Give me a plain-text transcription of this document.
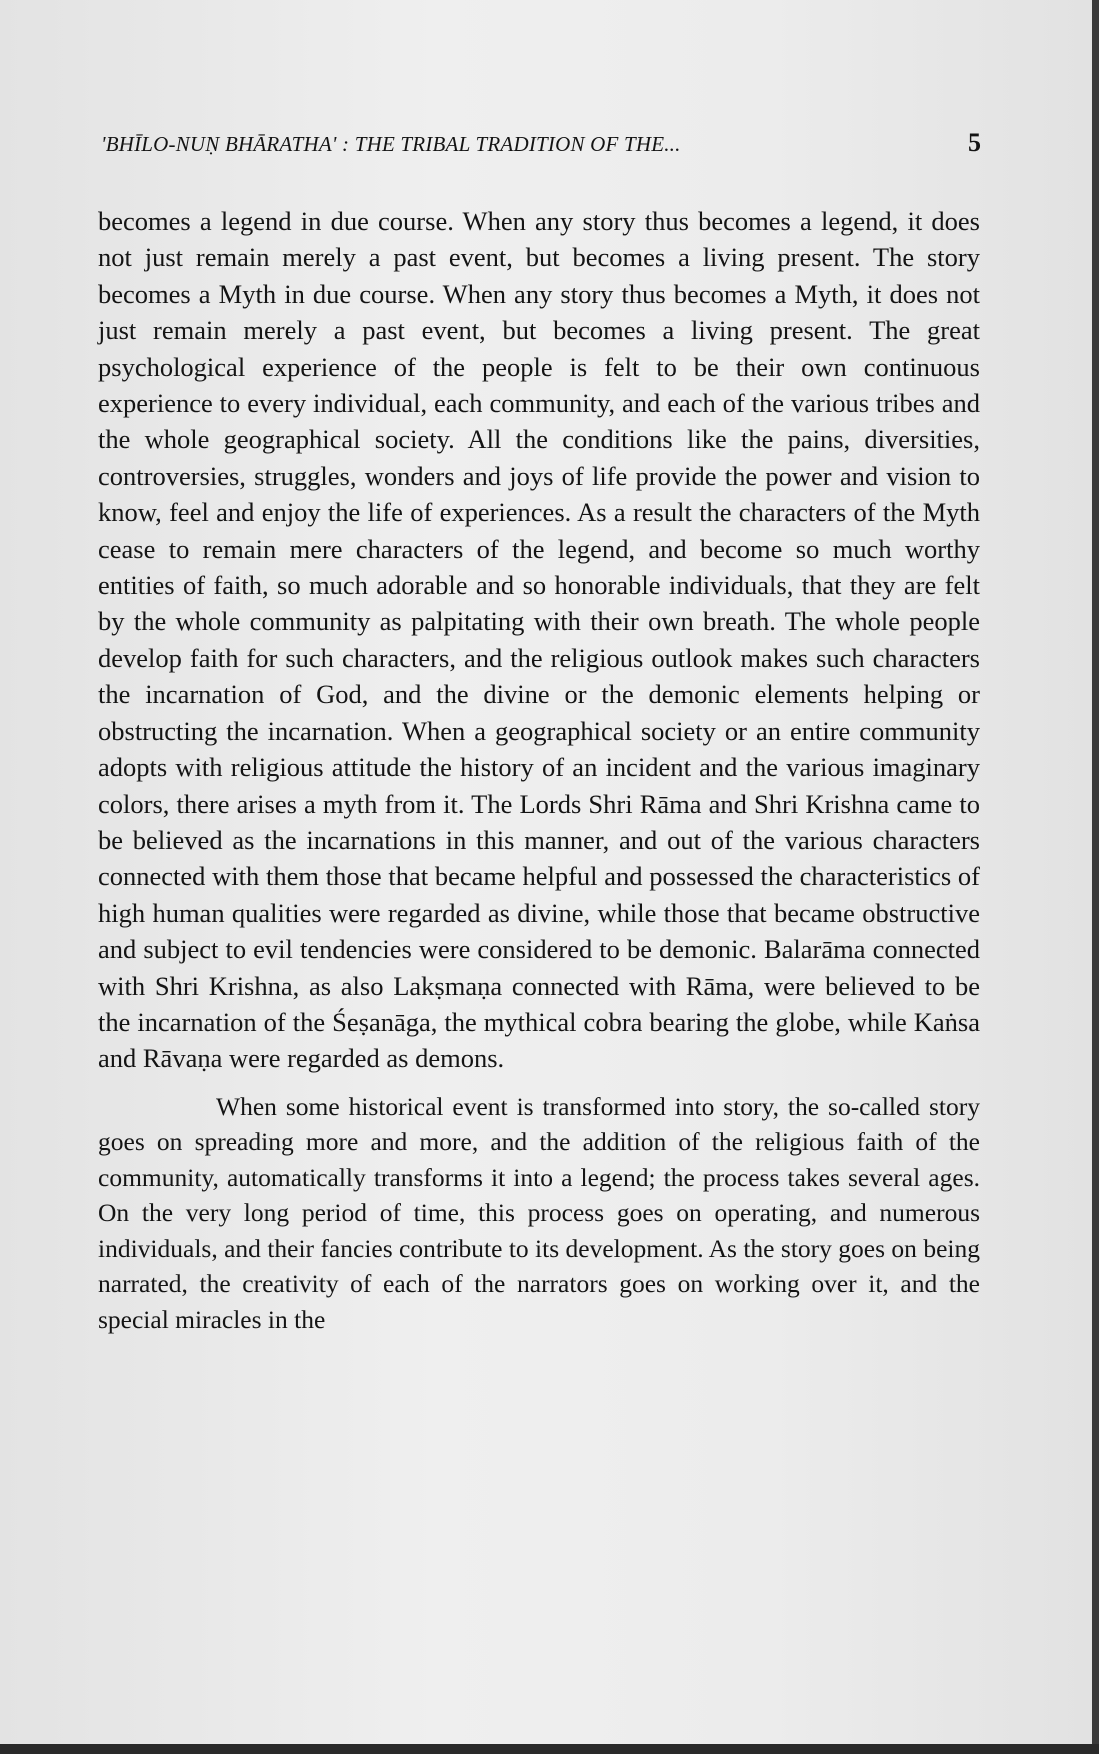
'BHĪLO-NUṆ BHĀRATHA' : THE TRIBAL TRADITION OF THE...	5

becomes a legend in due course. When any story thus becomes a legend, it does not just remain merely a past event, but becomes a living present. The story becomes a Myth in due course. When any story thus becomes a Myth, it does not just remain merely a past event, but becomes a living present. The great psychological experience of the people is felt to be their own continuous experience to every individual, each community, and each of the various tribes and the whole geographical society. All the conditions like the pains, diversities, controversies, struggles, wonders and joys of life provide the power and vision to know, feel and enjoy the life of experiences. As a result the characters of the Myth cease to remain mere characters of the legend, and become so much worthy entities of faith, so much adorable and so honorable individuals, that they are felt by the whole community as palpitating with their own breath. The whole people develop faith for such characters, and the religious outlook makes such characters the incarnation of God, and the divine or the demonic elements helping or obstructing the incarnation. When a geographical society or an entire community adopts with religious attitude the history of an incident and the various imaginary colors, there arises a myth from it. The Lords Shri Rāma and Shri Krishna came to be believed as the incarnations in this manner, and out of the various characters connected with them those that became helpful and possessed the characteristics of high human qualities were regarded as divine, while those that became obstructive and subject to evil tendencies were considered to be demonic. Balarāma connected with Shri Krishna, as also Lakṣmaṇa connected with Rāma, were believed to be the incarnation of the Śeṣanāga, the mythical cobra bearing the globe, while Kaṅsa and Rāvaṇa were regarded as demons.

When some historical event is transformed into story, the so-called story goes on spreading more and more, and the addition of the religious faith of the community, automatically transforms it into a legend; the process takes several ages. On the very long period of time, this process goes on operating, and numerous individuals, and their fancies contribute to its development. As the story goes on being narrated, the creativity of each of the narrators goes on working over it, and the special miracles in the
